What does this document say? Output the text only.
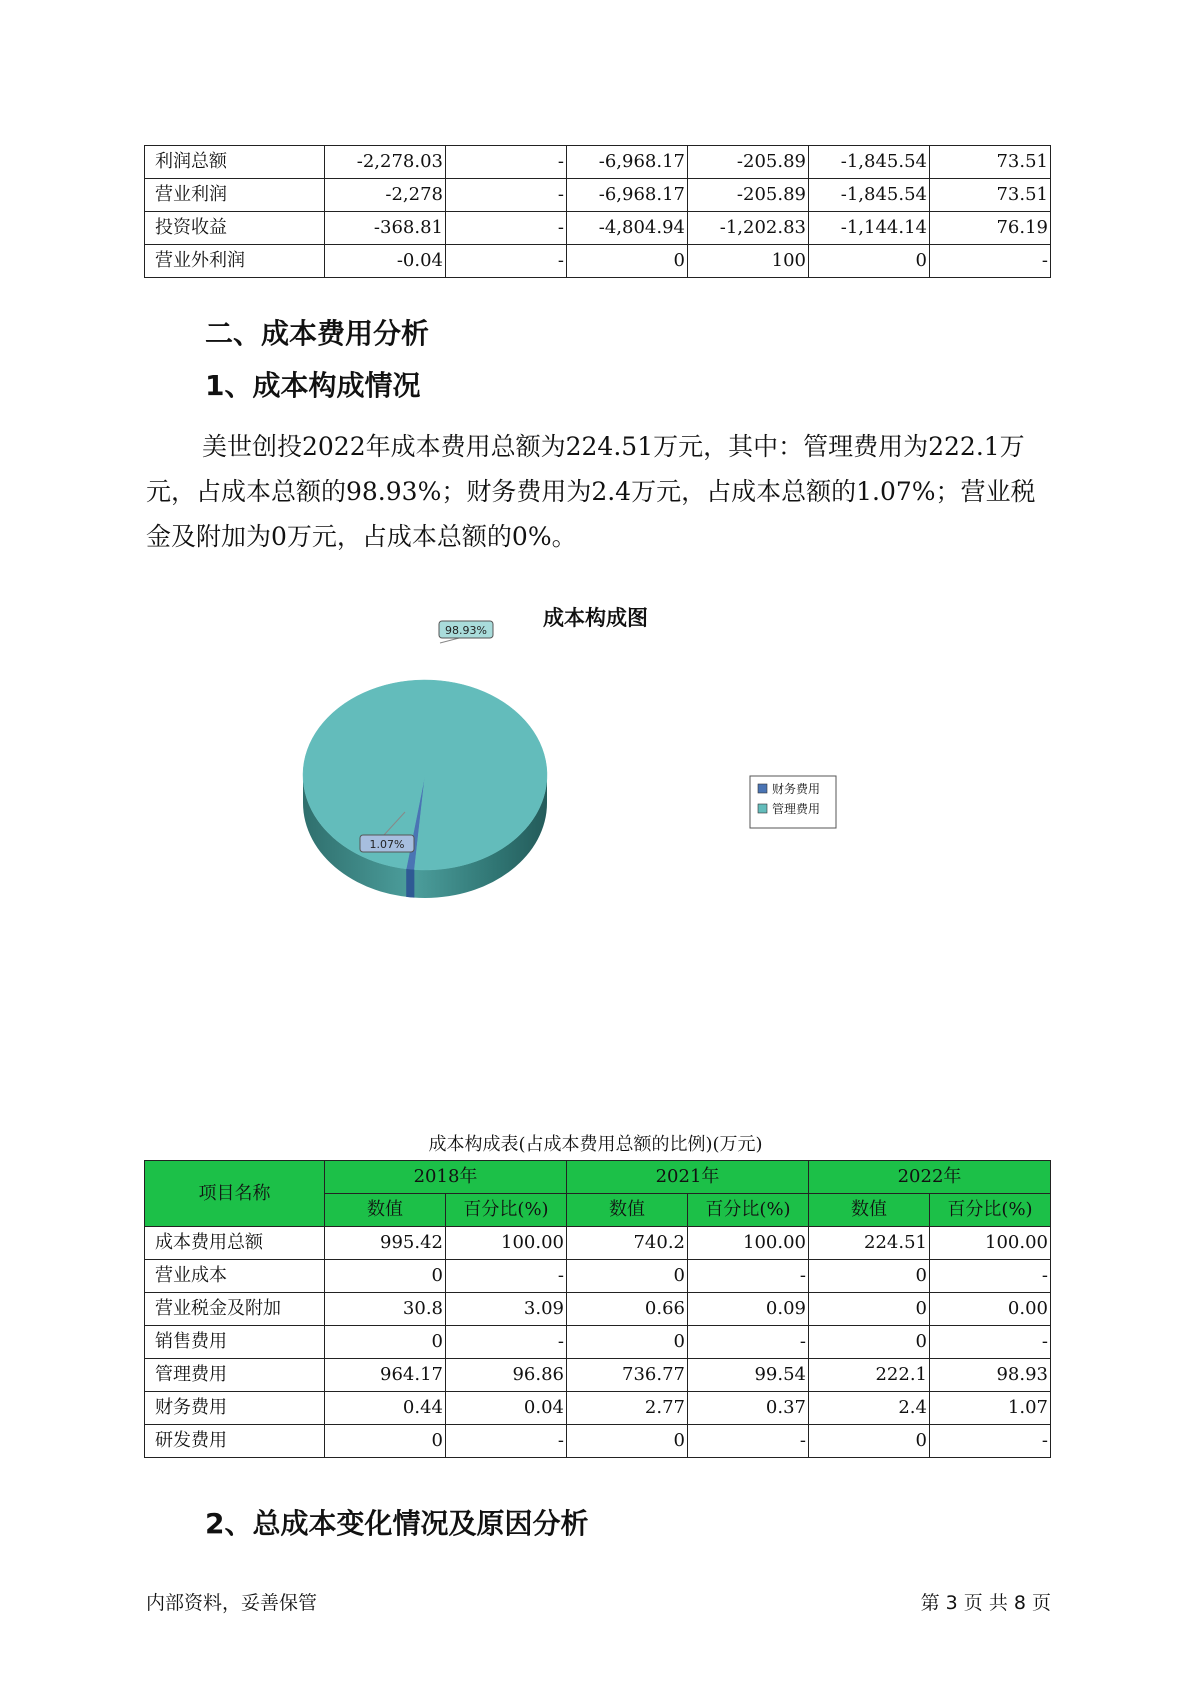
利润总额	-2,278.03	-	-6,968.17	-205.89	-1,845.54	73.51
营业利润	-2,278	-	-6,968.17	-205.89	-1,845.54	73.51
投资收益	-368.81	-	-4,804.94	-1,202.83	-1,144.14	76.19
营业外利润	-0.04	-	0	100	0	-
二、成本费用分析
1、成本构成情况
美世创投2022年成本费用总额为224.51万元，其中：管理费用为222.1万元，占成本总额的98.93%；财务费用为2.4万元，占成本总额的1.07%；营业税金及附加为0万元，占成本总额的0%。
成本构成图
1.07%
98.93%
财务费用
管理费用
成本构成表(占成本费用总额的比例)(万元)
项目名称	2018年		2021年		2022年	
	数值	百分比(%)	数值	百分比(%)	数值	百分比(%)
成本费用总额	995.42	100.00	740.2	100.00	224.51	100.00
营业成本	0	-	0	-	0	-
营业税金及附加	30.8	3.09	0.66	0.09	0	0.00
销售费用	0	-	0	-	0	-
管理费用	964.17	96.86	736.77	99.54	222.1	98.93
财务费用	0.44	0.04	2.77	0.37	2.4	1.07
研发费用	0	-	0	-	0	-
2、总成本变化情况及原因分析
内部资料，妥善保管	第 3 页 共 8 页
